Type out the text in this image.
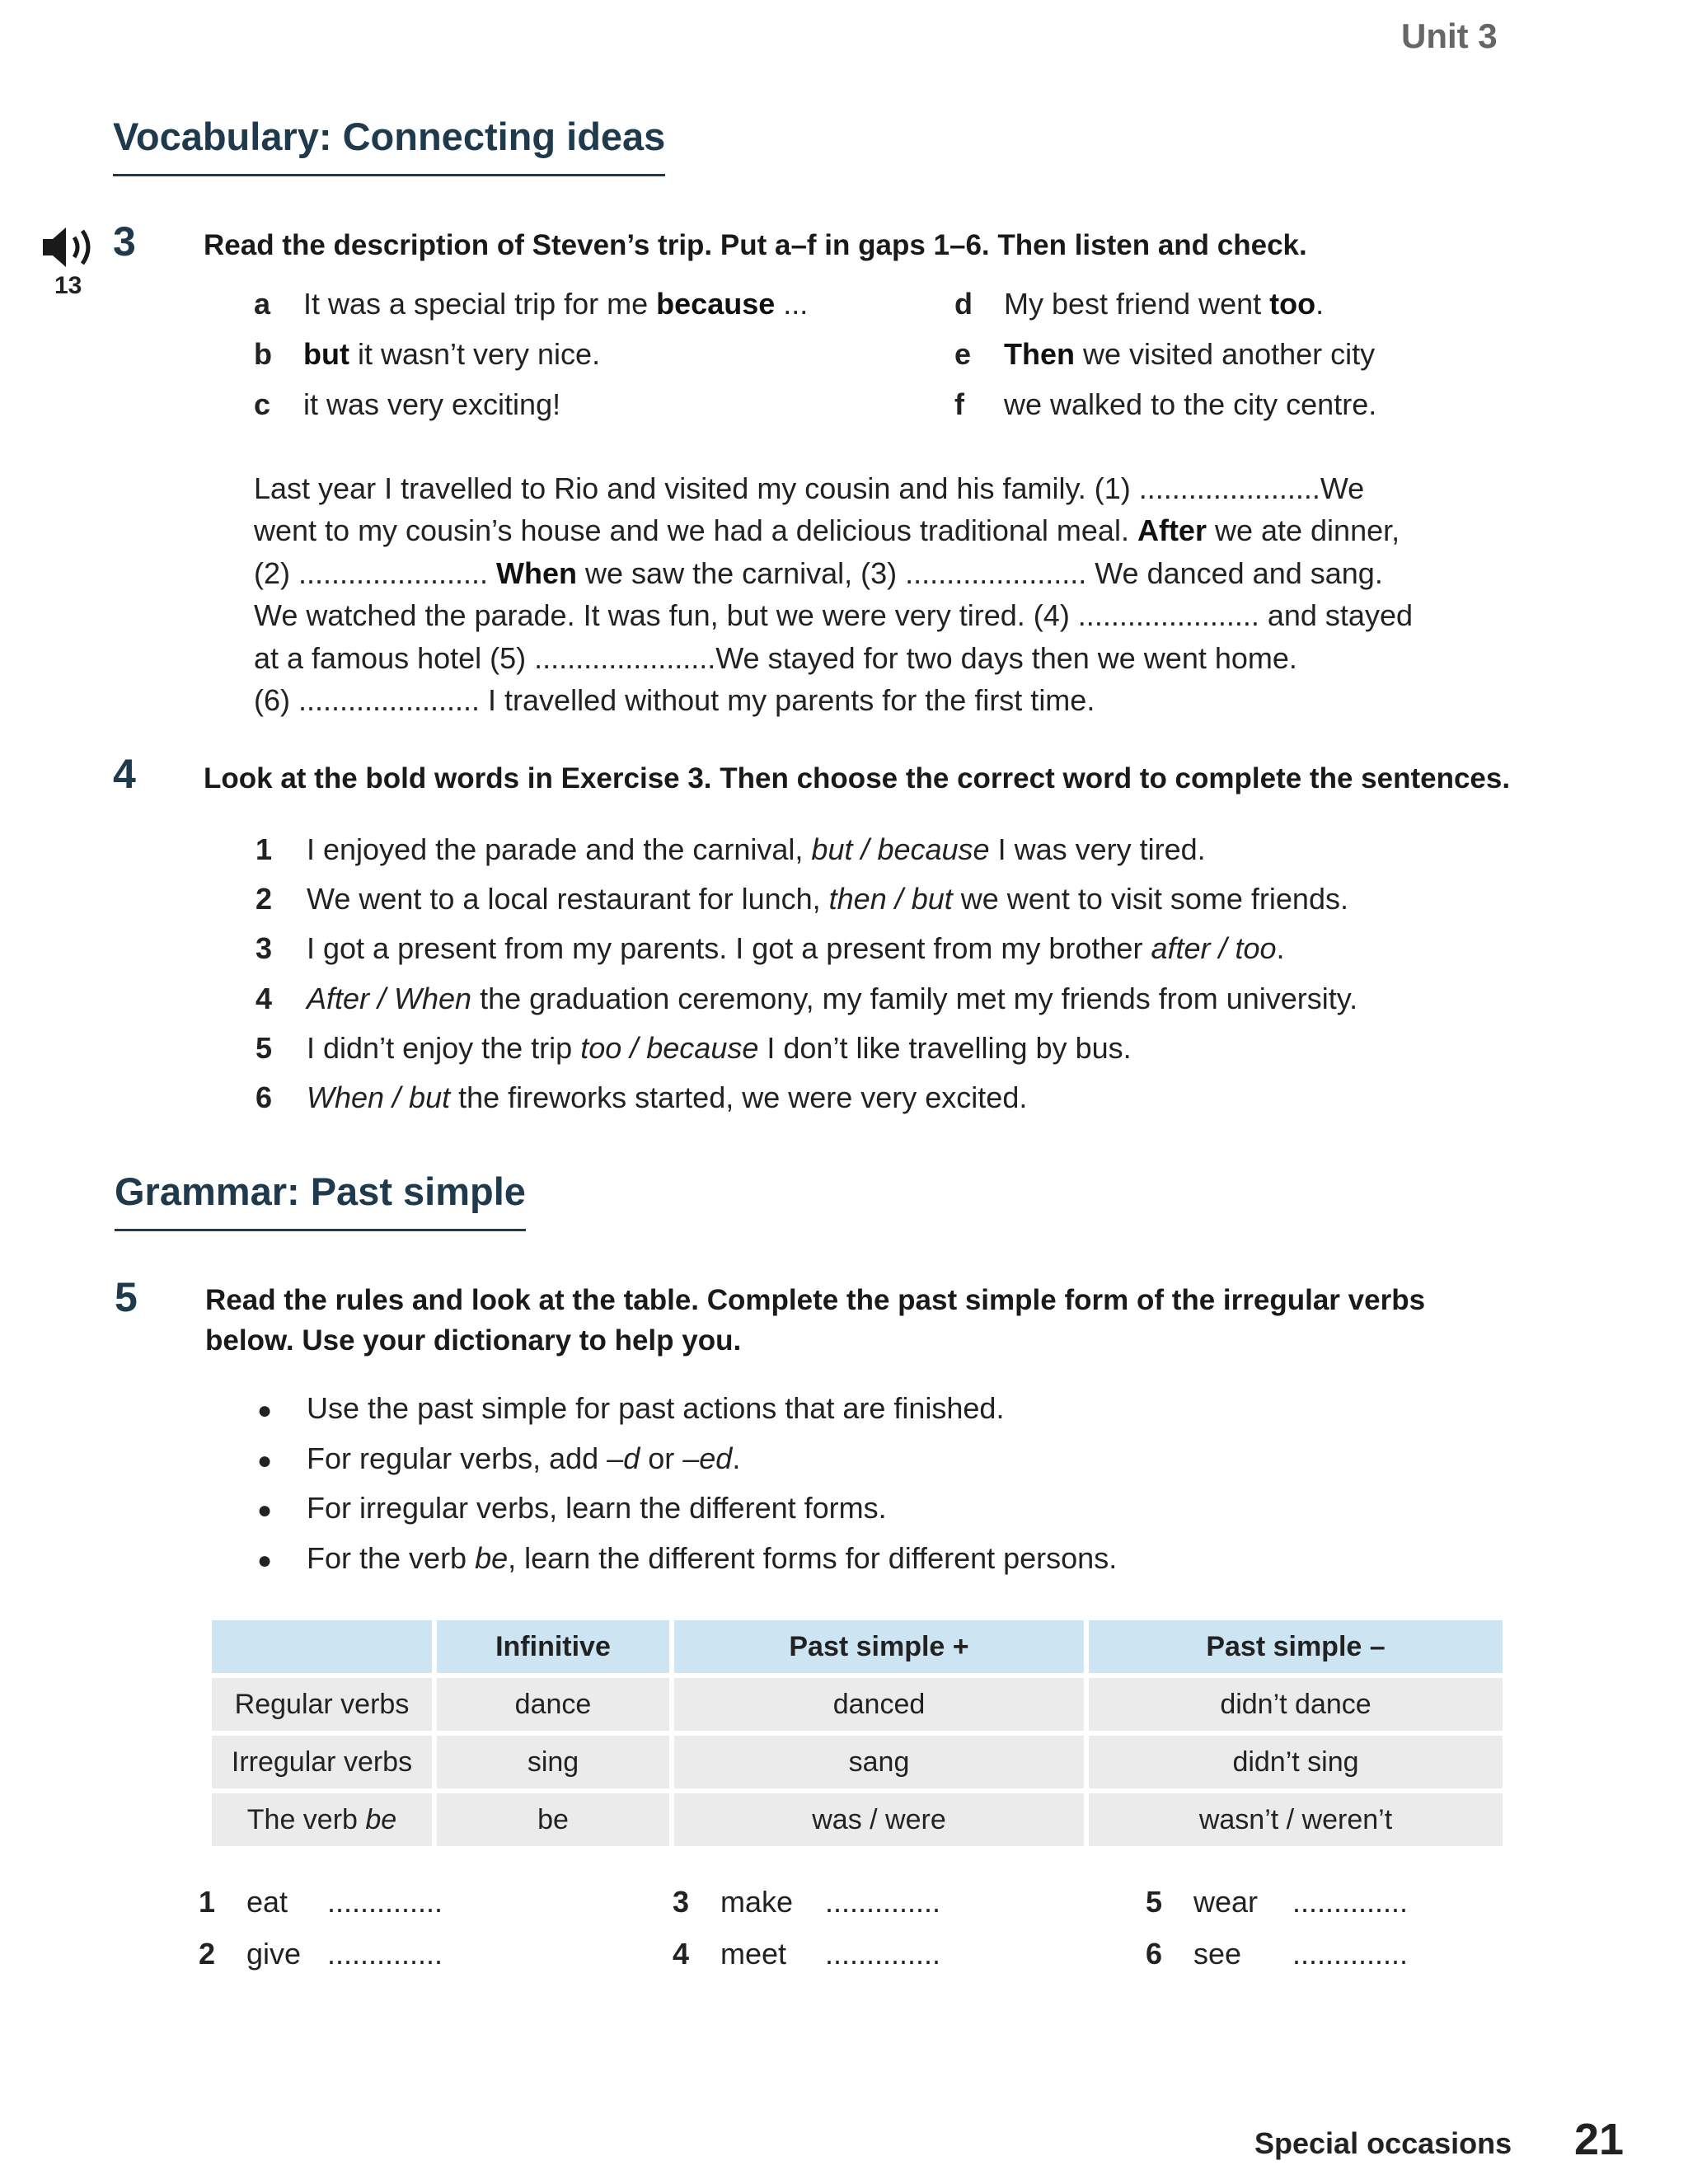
Unit 3
Vocabulary: Connecting ideas
13
3 Read the description of Steven’s trip. Put a–f in gaps 1–6. Then listen and check.
a	It was a special trip for me because ...
b	but it wasn’t very nice.
c	it was very exciting!
d	My best friend went too.
e	Then we visited another city
f	we walked to the city centre.
Last year I travelled to Rio and visited my cousin and his family. (1) ......................We
went to my cousin’s house and we had a delicious traditional meal. After we ate dinner,
(2) ....................... When we saw the carnival, (3) ...................... We danced and sang.
We watched the parade. It was fun, but we were very tired. (4) ...................... and stayed
at a famous hotel (5) ......................We stayed for two days then we went home.
(6) ...................... I travelled without my parents for the first time.
4 Look at the bold words in Exercise 3. Then choose the correct word to complete the sentences.
1	I enjoyed the parade and the carnival, but / because I was very tired.
2	We went to a local restaurant for lunch, then / but we went to visit some friends.
3	I got a present from my parents. I got a present from my brother after / too.
4	After / When the graduation ceremony, my family met my friends from university.
5	I didn’t enjoy the trip too / because I don’t like travelling by bus.
6	When / but the fireworks started, we were very excited.
Grammar: Past simple
5 Read the rules and look at the table. Complete the past simple form of the irregular verbs
below. Use your dictionary to help you.
●	Use the past simple for past actions that are finished.
●	For regular verbs, add –d or –ed.
●	For irregular verbs, learn the different forms.
●	For the verb be, learn the different forms for different persons.
	Infinitive	Past simple +	Past simple –
Regular verbs	dance	danced	didn’t dance
Irregular verbs	sing	sang	didn’t sing
The verb be	be	was / were	wasn’t / weren’t
1	eat	..............
2	give ..............
3	make	..............
4	meet	..............
5	wear	..............
6	see	..............
Special occasions 21
